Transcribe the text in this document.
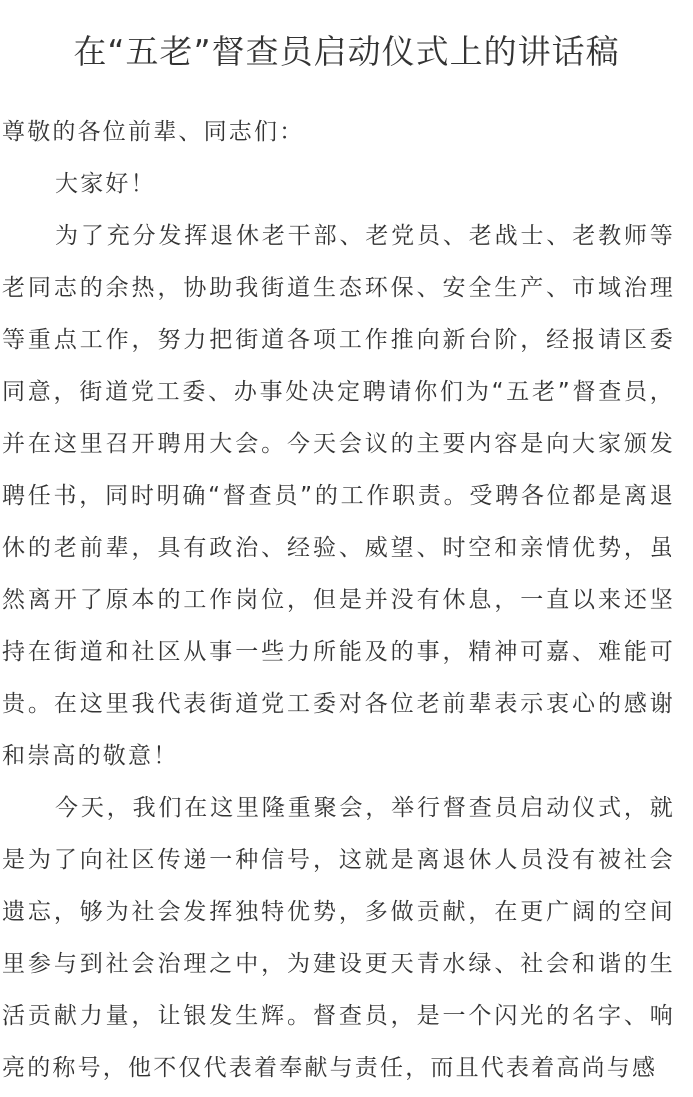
在“五老”督查员启动仪式上的讲话稿

尊敬的各位前辈、同志们：

大家好！

为了充分发挥退休老干部、老党员、老战士、老教师等老同志的余热，协助我街道生态环保、安全生产、市域治理等重点工作，努力把街道各项工作推向新台阶，经报请区委同意，街道党工委、办事处决定聘请你们为“五老”督查员，并在这里召开聘用大会。今天会议的主要内容是向大家颁发聘任书，同时明确“督查员”的工作职责。受聘各位都是离退休的老前辈，具有政治、经验、威望、时空和亲情优势，虽然离开了原本的工作岗位，但是并没有休息，一直以来还坚持在街道和社区从事一些力所能及的事，精神可嘉、难能可贵。在这里我代表街道党工委对各位老前辈表示衷心的感谢和崇高的敬意！

今天，我们在这里隆重聚会，举行督查员启动仪式，就是为了向社区传递一种信号，这就是离退休人员没有被社会遗忘，够为社会发挥独特优势，多做贡献，在更广阔的空间里参与到社会治理之中，为建设更天青水绿、社会和谐的生活贡献力量，让银发生辉。督查员，是一个闪光的名字、响亮的称号，他不仅代表着奉献与责任，而且代表着高尚与感
